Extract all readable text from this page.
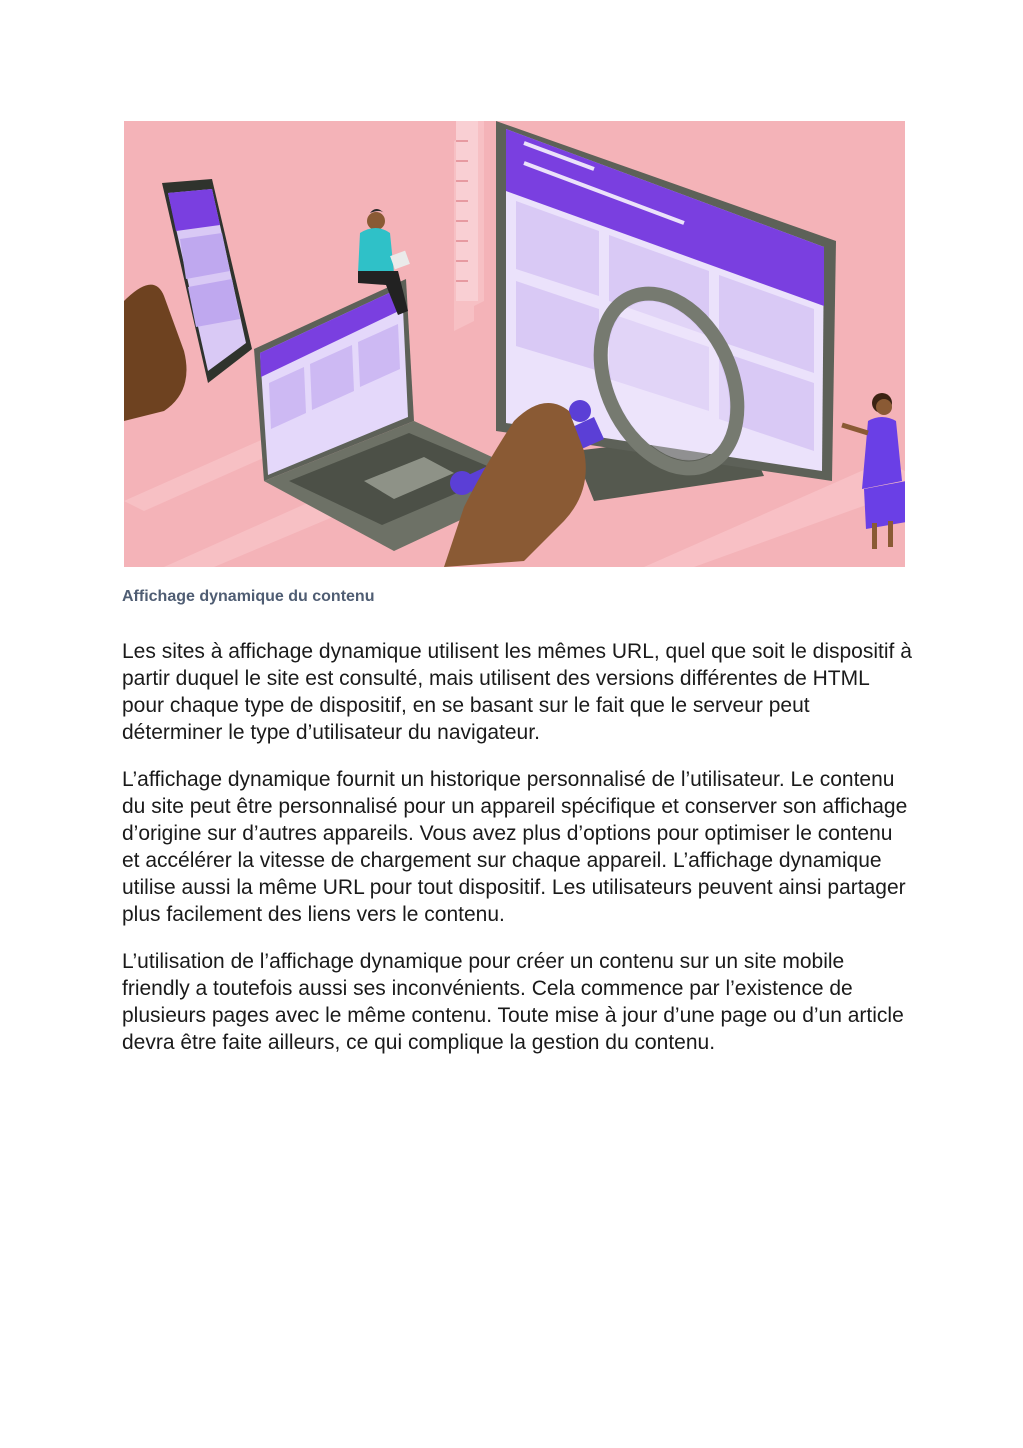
Affichage dynamique du contenu

Les sites à affichage dynamique utilisent les mêmes URL, quel que soit le dispositif à partir duquel le site est consulté, mais utilisent des versions différentes de HTML pour chaque type de dispositif, en se basant sur le fait que le serveur peut déterminer le type d’utilisateur du navigateur.

L’affichage dynamique fournit un historique personnalisé de l’utilisateur. Le contenu du site peut être personnalisé pour un appareil spécifique et conserver son affichage d’origine sur d’autres appareils. Vous avez plus d’options pour optimiser le contenu et accélérer la vitesse de chargement sur chaque appareil. L’affichage dynamique utilise aussi la même URL pour tout dispositif. Les utilisateurs peuvent ainsi partager plus facilement des liens vers le contenu.

L’utilisation de l’affichage dynamique pour créer un contenu sur un site mobile friendly a toutefois aussi ses inconvénients. Cela commence par l’existence de plusieurs pages avec le même contenu. Toute mise à jour d’une page ou d’un article devra être faite ailleurs, ce qui complique la gestion du contenu.
